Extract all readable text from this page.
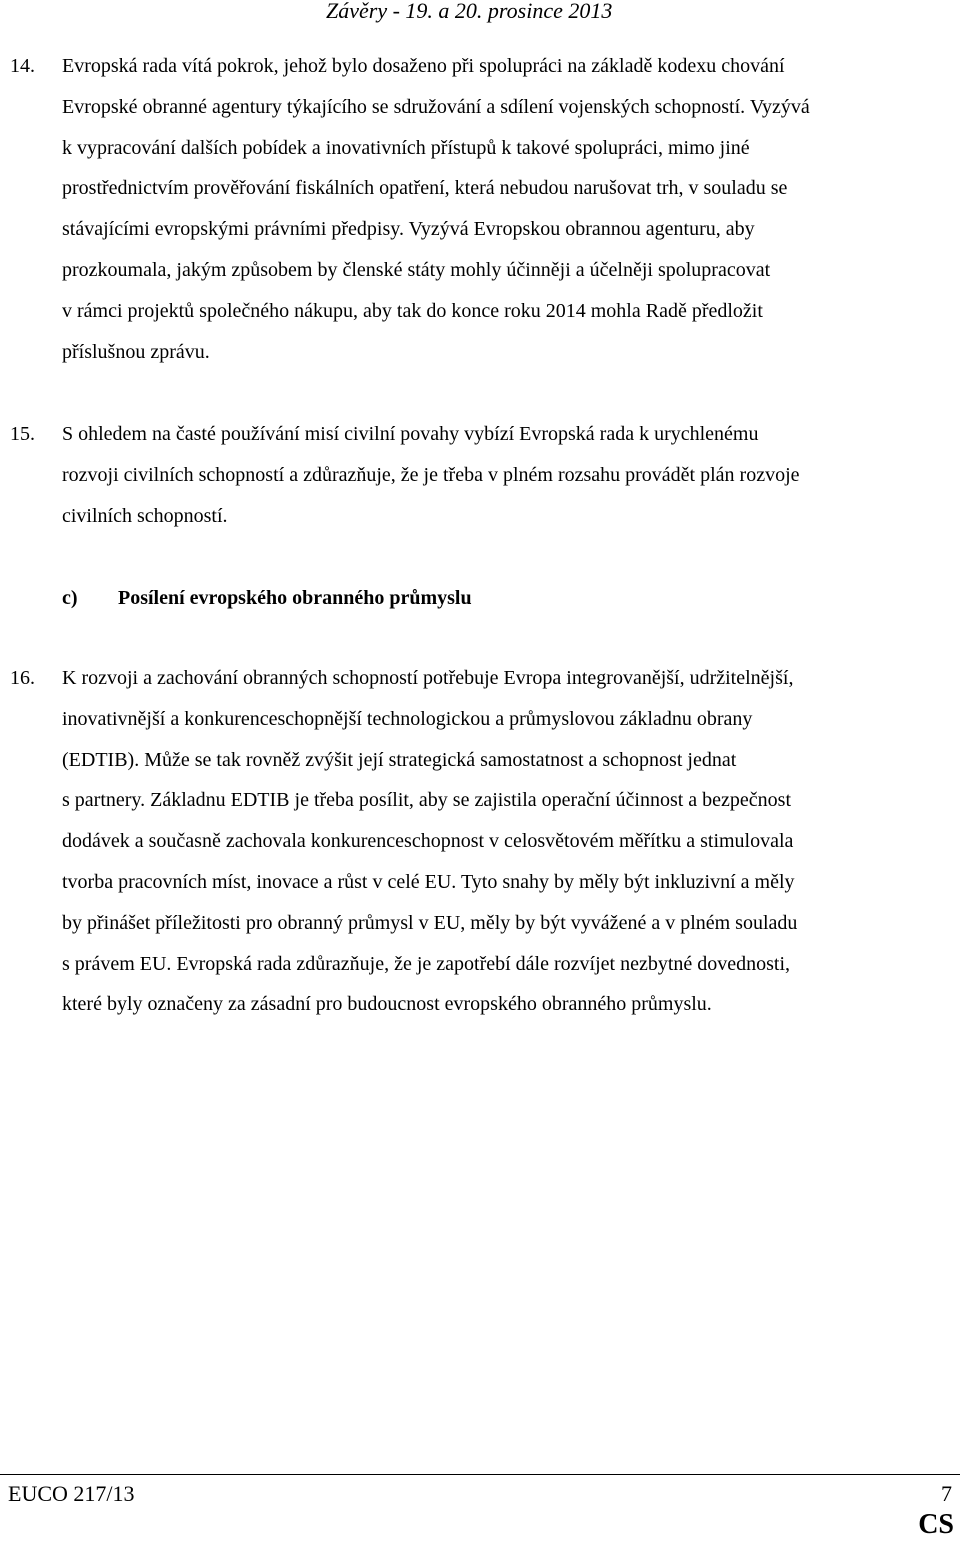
Závěry - 19. a 20. prosince 2013
14. Evropská rada vítá pokrok, jehož bylo dosaženo při spolupráci na základě kodexu chování
Evropské obranné agentury týkajícího se sdružování a sdílení vojenských schopností. Vyzývá
k vypracování dalších pobídek a inovativních přístupů k takové spolupráci, mimo jiné
prostřednictvím prověřování fiskálních opatření, která nebudou narušovat trh, v souladu se
stávajícími evropskými právními předpisy. Vyzývá Evropskou obrannou agenturu, aby
prozkoumala, jakým způsobem by členské státy mohly účinněji a účelněji spolupracovat
v rámci projektů společného nákupu, aby tak do konce roku 2014 mohla Radě předložit
příslušnou zprávu.
15. S ohledem na časté používání misí civilní povahy vybízí Evropská rada k urychlenému
rozvoji civilních schopností a zdůrazňuje, že je třeba v plném rozsahu provádět plán rozvoje
civilních schopností.
c) Posílení evropského obranného průmyslu
16. K rozvoji a zachování obranných schopností potřebuje Evropa integrovanější, udržitelnější,
inovativnější a konkurenceschopnější technologickou a průmyslovou základnu obrany
(EDTIB). Může se tak rovněž zvýšit její strategická samostatnost a schopnost jednat
s partnery. Základnu EDTIB je třeba posílit, aby se zajistila operační účinnost a bezpečnost
dodávek a současně zachovala konkurenceschopnost v celosvětovém měřítku a stimulovala
tvorba pracovních míst, inovace a růst v celé EU. Tyto snahy by měly být inkluzivní a měly
by přinášet příležitosti pro obranný průmysl v EU, měly by být vyvážené a v plném souladu
s právem EU. Evropská rada zdůrazňuje, že je zapotřebí dále rozvíjet nezbytné dovednosti,
které byly označeny za zásadní pro budoucnost evropského obranného průmyslu.
EUCO 217/13	7
CS
